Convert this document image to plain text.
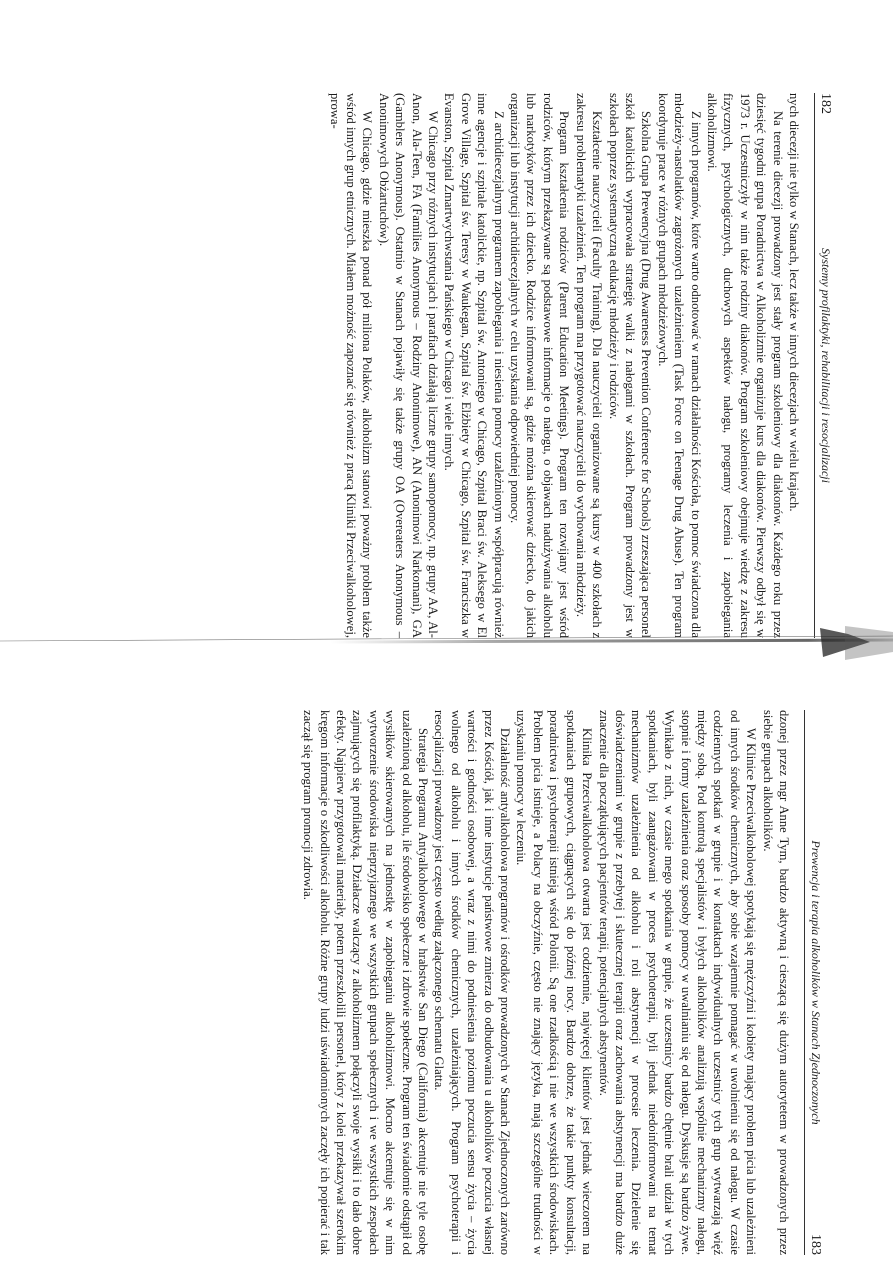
182
Systemy profilaktyki, rehabilitacji i resocjalizacji

nych diecezji nie tylko w Stanach, lecz także w innych diecezjach w wielu krajach.

Na terenie diecezji prowadzony jest stały program szkoleniowy dla diakonów. Każdego roku przez dziesięć tygodni grupa Poradnictwa w Alkoholizmie organizuje kurs dla diakonów. Pierwszy odbył się w 1973 r. Uczestniczyły w nim także rodziny diakonów. Program szkoleniowy obejmuje wiedzę z zakresu fizycznych, psychologicznych, duchowych aspektów nałogu, programy leczenia i zapobiegania alkoholizmowi.

Z innych programów, które warto odnotować w ramach działalności Kościoła, to pomoc świadczona dla młodzieży-nastolatków zagrożonych uzależnieniem (Task Force on Teenage Drug Abuse). Ten program koordynuje prace w różnych grupach młodzieżowych.

Szkolna Grupa Prewencyjna (Drug Awareness Prevention Conference for Schools) zrzeszająca personel szkół katolickich wypracowała strategię walki z nałogami w szkołach. Program prowadzony jest w szkołach poprzez systematyczną edukację młodzieży i rodziców.

Kształcenie nauczycieli (Faculty Training). Dla nauczycieli organizowane są kursy w 400 szkołach z zakresu problematyki uzależnień. Ten program ma przygotować nauczycieli do wychowania młodzieży.

Program kształcenia rodziców (Parent Education Meetings). Program ten rozwijany jest wśród rodziców, którym przekazywane są podstawowe informacje o nałogu, o objawach nadużywania alkoholu lub narkotyków przez ich dziecko. Rodzice informowani są, gdzie można skierować dziecko, do jakich organizacji lub instytucji archidiecezjalnych w celu uzyskania odpowiedniej pomocy.

Z archidiecezjalnym programem zapobiegania i niesienia pomocy uzależnionym współpracują również inne agencje i szpitale katolickie, np. Szpital św. Antoniego w Chicago, Szpital Braci św. Aleksego w El Grove Village, Szpital św. Teresy w Waukegan, Szpital św. Elżbiety w Chicago, Szpital św. Franciszka w Evanston, Szpital Zmartwychwstania Pańskiego w Chicago i wiele innych.

W Chicago przy różnych instytucjach i parafiach działają liczne grupy samopomocy, np. grupy AA, Al-Anon, Ala-Teen, FA (Families Anonymous – Rodziny Anonimowe), AN (Anonimowi Narkomani), GA (Gamblers Anonymous). Ostatnio w Stanach pojawiły się także grupy OA (Overeaters Anonymous – Anonimowych Obżartuchów).

W Chicago, gdzie mieszka ponad pół miliona Polaków, alkoholizm stanowi poważny problem także wśród innych grup etnicznych. Miałem możność zapoznać się również z pracą Kliniki Przeciwalkoholowej, prowa-

Prewencja i terapia alkoholików w Stanach Zjednoczonych
183

dzonej przez mgr Anne Tym, bardzo aktywną i cieszącą się dużym autorytetem w prowadzonych przez siebie grupach alkoholików.

W Klinice Przeciwalkoholowej spotykają się mężczyźni i kobiety mający problem picia lub uzależnieni od innych środków chemicznych, aby sobie wzajemnie pomagać w uwolnieniu się od nałogu. W czasie codziennych spotkań w grupie i w kontaktach indywidualnych uczestnicy tych grup wytwarzają więź między sobą. Pod kontrolą specjalistów i byłych alkoholików analizują wspólnie mechanizmy nałogu, stopnie i formy uzależnienia oraz sposoby pomocy w uwalnianiu się od nałogu. Dyskusje są bardzo żywe. Wynikało z nich, w czasie mego spotkania w grupie, że uczestnicy bardzo chętnie brali udział w tych spotkaniach, byli zaangażowani w proces psychoterapii, byli jednak niedoinformowani na temat mechanizmów uzależnienia od alkoholu i roli abstynencji w procesie leczenia. Dzielenie się doświadczeniami w grupie z przebytej i skutecznej terapii oraz zachowania abstynencji ma bardzo duże znaczenie dla początkujących pacjentów terapii, potencjalnych abstynentów.

Klinika Przeciwalkoholowa otwarta jest codziennie, najwięcej klientów jest jednak wieczorem na spotkaniach grupowych, ciągnących się do późnej nocy. Bardzo dobrze, że takie punkty konsultacji, poradnictwa i psychoterapii istnieją wśród Polonii. Są one rzadkością i nie we wszystkich środowiskach. Problem picia istnieje, a Polacy na obczyźnie, często nie znający języka, mają szczególne trudności w uzyskaniu pomocy w leczeniu.

Działalność antyalkoholowa programów i ośrodków prowadzonych w Stanach Zjednoczonych zarówno przez Kościół, jak i inne instytucje państwowe zmierza do odbudowania u alkoholików poczucia własnej wartości i godności osobowej, a wraz z nimi do podniesienia poziomu poczucia sensu życia – życia wolnego od alkoholu i innych środków chemicznych, uzależniających. Program psychoterapii i resocjalizacji prowadzony jest często według załączonego schematu Glatta.

Strategia Programu Antyalkoholowego w hrabstwie San Diego (California) akcentuje nie tyle osobę uzależnioną od alkoholu, ile środowisko społeczne i zdrowie społeczne. Program ten świadomie odstąpił od wysiłków skierowanych na jednostkę w zapobieganiu alkoholizmowi. Mocno akcentuje się w nim wytworzenie środowiska nieprzyjaznego we wszystkich grupach społecznych i we wszystkich zespołach zajmujących się profilaktyką. Działacze walczący z alkoholizmem połączyli swoje wysiłki i to dało dobre efekty. Najpierw przygotowali materiały, potem przeszkolili personel, który z kolei przekazywał szerokim kręgom informacje o szkodliwości alkoholu. Różne grupy ludzi uświadomionych zaczęły ich popierać i tak zaczął się program promocji zdrowia.
